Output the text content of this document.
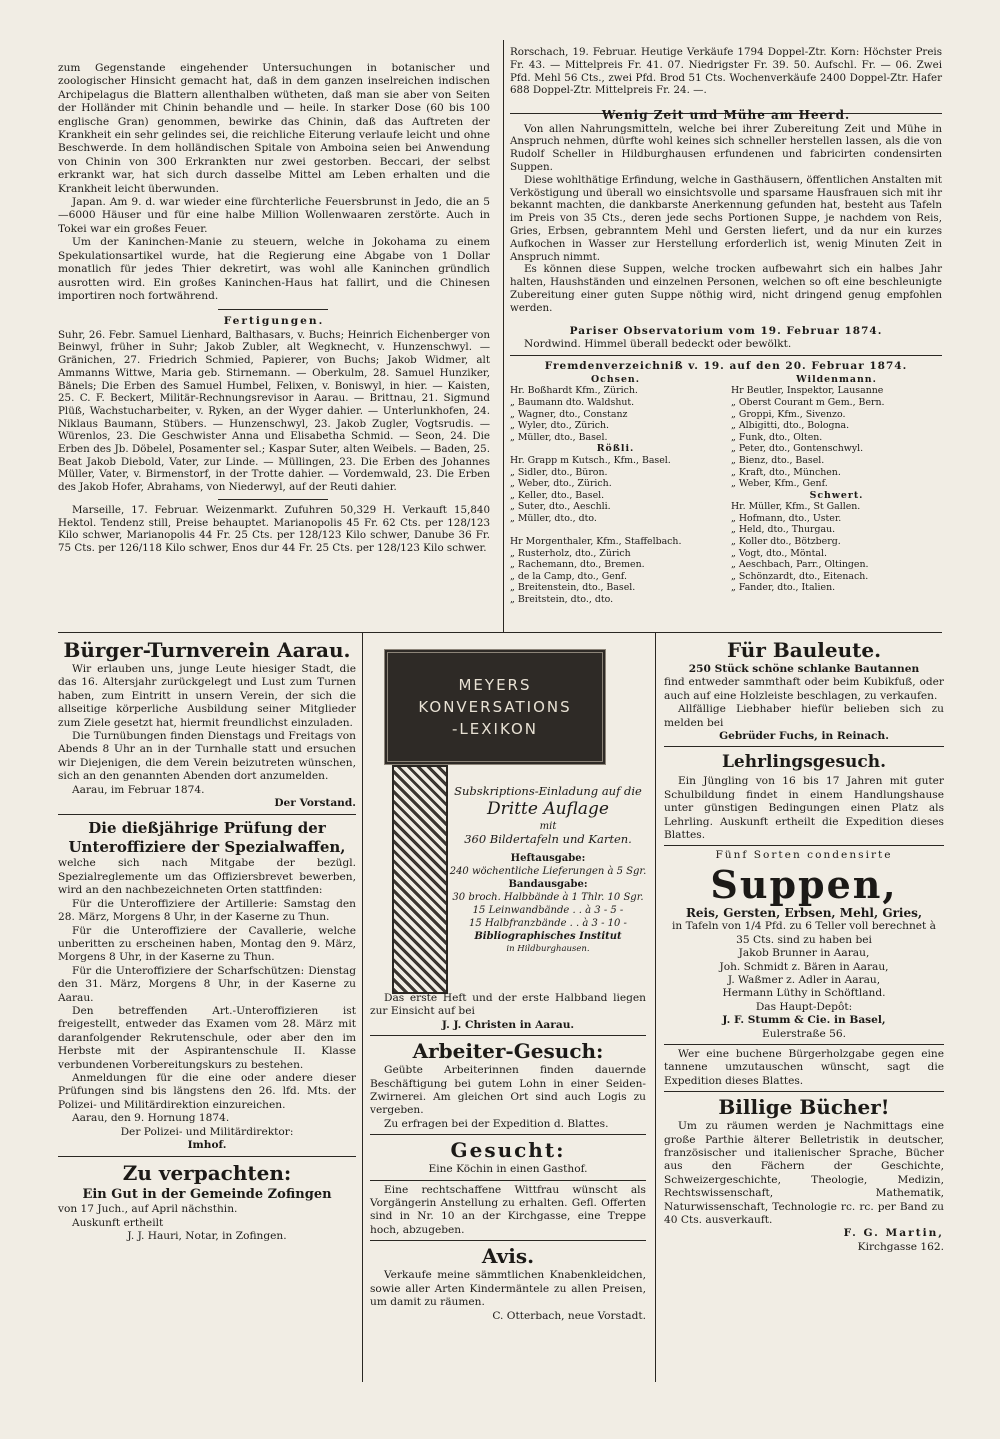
zum Gegenstande eingehender Untersuchungen in botanischer und zoologischer Hinsicht gemacht hat, daß in dem ganzen inselreichen indischen Archipelagus die Blattern allenthalben wütheten, daß man sie aber von Seiten der Holländer mit Chinin behandle und — heile. In starker Dose (60 bis 100 englische Gran) genommen, bewirke das Chinin, daß das Auftreten der Krankheit ein sehr gelindes sei, die reichliche Eiterung verlaufe leicht und ohne Beschwerde. In dem holländischen Spitale von Amboina seien bei Anwendung von Chinin von 300 Erkrankten nur zwei gestorben. Beccari, der selbst erkrankt war, hat sich durch dasselbe Mittel am Leben erhalten und die Krankheit leicht überwunden.

Japan. Am 9. d. war wieder eine fürchterliche Feuersbrunst in Jedo, die an 5—6000 Häuser und für eine halbe Million Wollenwaaren zerstörte. Auch in Tokei war ein großes Feuer.

Um der Kaninchen-Manie zu steuern, welche in Jokohama zu einem Spekulationsartikel wurde, hat die Regierung eine Abgabe von 1 Dollar monatlich für jedes Thier dekretirt, was wohl alle Kaninchen gründlich ausrotten wird. Ein großes Kaninchen-Haus hat fallirt, und die Chinesen importiren noch fortwährend.

Fertigungen.

Suhr, 26. Febr. Samuel Lienhard, Balthasars, v. Buchs; Heinrich Eichenberger von Beinwyl, früher in Suhr; Jakob Zubler, alt Wegknecht, v. Hunzenschwyl. — Gränichen, 27. Friedrich Schmied, Papierer, von Buchs; Jakob Widmer, alt Ammanns Wittwe, Maria geb. Stirnemann. — Oberkulm, 28. Samuel Hunziker, Bänels; Die Erben des Samuel Humbel, Felixen, v. Boniswyl, in hier. — Kaisten, 25. C. F. Beckert, Militär-Rechnungsrevisor in Aarau. — Brittnau, 21. Sigmund Plüß, Wachstucharbeiter, v. Ryken, an der Wyger dahier. — Unterlunkhofen, 24. Niklaus Baumann, Stübers. — Hunzenschwyl, 23. Jakob Zugler, Vogtsrudis. — Würenlos, 23. Die Geschwister Anna und Elisabetha Schmid. — Seon, 24. Die Erben des Jb. Döbelel, Posamenter sel.; Kaspar Suter, alten Weibels. — Baden, 25. Beat Jakob Diebold, Vater, zur Linde. — Müllingen, 23. Die Erben des Johannes Müller, Vater, v. Birmenstorf, in der Trotte dahier. — Vordemwald, 23. Die Erben des Jakob Hofer, Abrahams, von Niederwyl, auf der Reuti dahier.

Marseille, 17. Februar. Weizenmarkt. Zufuhren 50,329 H. Verkauft 15,840 Hektol. Tendenz still, Preise behauptet. Marianopolis 45 Fr. 62 Cts. per 128/123 Kilo schwer, Marianopolis 44 Fr. 25 Cts. per 128/123 Kilo schwer, Danube 36 Fr. 75 Cts. per 126/118 Kilo schwer, Enos dur 44 Fr. 25 Cts. per 128/123 Kilo schwer.

Bürger-Turnverein Aarau.

Wir erlauben uns, junge Leute hiesiger Stadt, die das 16. Altersjahr zurückgelegt und Lust zum Turnen haben, zum Eintritt in unsern Verein, der sich die allseitige körperliche Ausbildung seiner Mitglieder zum Ziele gesetzt hat, hiermit freundlichst einzuladen.

Die Turnübungen finden Dienstags und Freitags von Abends 8 Uhr an in der Turnhalle statt und ersuchen wir Diejenigen, die dem Verein beizutreten wünschen, sich an den genannten Abenden dort anzumelden.

Aarau, im Februar 1874.

Der Vorstand.

Die dießjährige Prüfung der Unteroffiziere der Spezialwaffen,

welche sich nach Mitgabe der bezügl. Spezialreglemente um das Offiziersbrevet bewerben, wird an den nachbezeichneten Orten stattfinden:

Für die Unteroffiziere der Artillerie: Samstag den 28. März, Morgens 8 Uhr, in der Kaserne zu Thun.

Für die Unteroffiziere der Cavallerie, welche unberitten zu erscheinen haben, Montag den 9. März, Morgens 8 Uhr, in der Kaserne zu Thun.

Für die Unteroffiziere der Scharfschützen: Dienstag den 31. März, Morgens 8 Uhr, in der Kaserne zu Aarau.

Den betreffenden Art.-Unteroffizieren ist freigestellt, entweder das Examen vom 28. März mit daranfolgender Rekrutenschule, oder aber den im Herbste mit der Aspirantenschule II. Klasse verbundenen Vorbereitungskurs zu bestehen.

Anmeldungen für die eine oder andere dieser Prüfungen sind bis längstens den 26. lfd. Mts. der Polizei- und Militärdirektion einzureichen.

Aarau, den 9. Hornung 1874.

Der Polizei- und Militärdirektor:

Imhof.

Zu verpachten:
Ein Gut in der Gemeinde Zofingen

von 17 Juch., auf April nächsthin.

Auskunft ertheilt

J. J. Hauri, Notar, in Zofingen.

Rorschach, 19. Februar. Heutige Verkäufe 1794 Doppel-Ztr. Korn: Höchster Preis Fr. 43. — Mittelpreis Fr. 41. 07. Niedrigster Fr. 39. 50. Aufschl. Fr. — 06. Zwei Pfd. Mehl 56 Cts., zwei Pfd. Brod 51 Cts. Wochenverkäufe 2400 Doppel-Ztr. Hafer 688 Doppel-Ztr. Mittelpreis Fr. 24. —.

Wenig Zeit und Mühe am Heerd.

Von allen Nahrungsmitteln, welche bei ihrer Zubereitung Zeit und Mühe in Anspruch nehmen, dürfte wohl keines sich schneller herstellen lassen, als die von Rudolf Scheller in Hildburghausen erfundenen und fabricirten condensirten Suppen.

Diese wohlthätige Erfindung, welche in Gasthäusern, öffentlichen Anstalten mit Verköstigung und überall wo einsichtsvolle und sparsame Hausfrauen sich mit ihr bekannt machten, die dankbarste Anerkennung gefunden hat, besteht aus Tafeln im Preis von 35 Cts., deren jede sechs Portionen Suppe, je nachdem von Reis, Gries, Erbsen, gebranntem Mehl und Gersten liefert, und da nur ein kurzes Aufkochen in Wasser zur Herstellung erforderlich ist, wenig Minuten Zeit in Anspruch nimmt.

Es können diese Suppen, welche trocken aufbewahrt sich ein halbes Jahr halten, Haushständen und einzelnen Personen, welchen so oft eine beschleunigte Zubereitung einer guten Suppe nöthig wird, nicht dringend genug empfohlen werden.

Pariser Observatorium vom 19. Februar 1874.

Nordwind. Himmel überall bedeckt oder bewölkt.

Fremdenverzeichniß v. 19. auf den 20. Februar 1874.
Ochsen.

Hr. Boßhardt Kfm., Zürich.

„ Baumann dto. Waldshut.

„ Wagner, dto., Constanz

„ Wyler, dto., Zürich.

„ Müller, dto., Basel.

Rößli.

Hr. Grapp m Kutsch., Kfm., Basel.

„ Sidler, dto., Büron.

„ Weber, dto., Zürich.

„ Keller, dto., Basel.

„ Suter, dto., Aeschli.

„ Müller, dto., dto.

Hr Morgenthaler, Kfm., Staffelbach.

„ Rusterholz, dto., Zürich

„ Rachemann, dto., Bremen.

„ de la Camp, dto., Genf.

„ Breitenstein, dto., Basel.

„ Breitstein, dto., dto.

Wildenmann.

Hr Beutler, Inspektor, Lausanne

„ Oberst Courant m Gem., Bern.

„ Groppi, Kfm., Sivenzo.

„ Albigitti, dto., Bologna.

„ Funk, dto., Olten.

„ Peter, dto., Gontenschwyl.

„ Bienz, dto., Basel.

„ Kraft, dto., München.

„ Weber, Kfm., Genf.

Schwert.

Hr. Müller, Kfm., St Gallen.

„ Hofmann, dto., Uster.

„ Held, dto., Thurgau.

„ Koller dto., Bötzberg.

„ Vogt, dto., Möntal.

„ Aeschbach, Parr., Oltingen.

„ Schönzardt, dto., Eitenach.

„ Fander, dto., Italien.

MEYERS
KONVERSATIONS
-LEXIKON
Subskriptions-Einladung auf die
Dritte Auflage
mit
360 Bildertafeln und Karten.
Heftausgabe:
240 wöchentliche Lieferungen à 5 Sgr.
Bandausgabe:
30 broch. Halbbände à 1 Thlr. 10 Sgr.
15 Leinwandbände . . à 3 - 5 -
15 Halbfranzbände . . à 3 - 10 -
Bibliographisches Institut
in Hildburghausen.

Das erste Heft und der erste Halbband liegen zur Einsicht auf bei

J. J. Christen in Aarau.

Arbeiter-Gesuch:

Geübte Arbeiterinnen finden dauernde Beschäftigung bei gutem Lohn in einer Seiden-Zwirnerei. Am gleichen Ort sind auch Logis zu vergeben.

Zu erfragen bei der Expedition d. Blattes.

Gesucht:

Eine Köchin in einen Gasthof.

Eine rechtschaffene Wittfrau wünscht als Vorgängerin Anstellung zu erhalten. Gefl. Offerten sind in Nr. 10 an der Kirchgasse, eine Treppe hoch, abzugeben.

Avis.

Verkaufe meine sämmtlichen Knabenkleidchen, sowie aller Arten Kindermäntele zu allen Preisen, um damit zu räumen.

C. Otterbach, neue Vorstadt.

Für Bauleute.

250 Stück schöne schlanke Bautannen

find entweder sammthaft oder beim Kubikfuß, oder auch auf eine Holzleiste beschlagen, zu verkaufen.

Allfällige Liebhaber hiefür belieben sich zu melden bei

Gebrüder Fuchs, in Reinach.

Lehrlingsgesuch.

Ein Jüngling von 16 bis 17 Jahren mit guter Schulbildung findet in einem Handlungshause unter günstigen Bedingungen einen Platz als Lehrling. Auskunft ertheilt die Expedition dieses Blattes.

Fünf Sorten condensirte

Suppen,

Reis, Gersten, Erbsen, Mehl, Gries,

in Tafeln von 1/4 Pfd. zu 6 Teller voll berechnet à 35 Cts. sind zu haben bei

Jakob Brunner in Aarau,

Joh. Schmidt z. Bären in Aarau,

J. Waßmer z. Adler in Aarau,

Hermann Lüthy in Schöftland.

Das Haupt-Depôt:

J. F. Stumm & Cie. in Basel,

Eulerstraße 56.

Wer eine buchene Bürgerholzgabe gegen eine tannene umzutauschen wünscht, sagt die Expedition dieses Blattes.

Billige Bücher!

Um zu räumen werden je Nachmittags eine große Parthie älterer Belletristik in deutscher, französischer und italienischer Sprache, Bücher aus den Fächern der Geschichte, Schweizergeschichte, Theologie, Medizin, Rechtswissenschaft, Mathematik, Naturwissenschaft, Technologie rc. rc. per Band zu 40 Cts. ausverkauft.

F. G. Martin,

Kirchgasse 162.
